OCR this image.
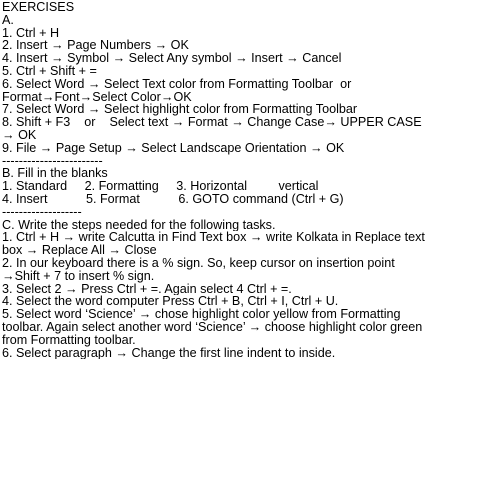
EXERCISES
A.
1. Ctrl + H
2. Insert → Page Numbers → OK
4. Insert → Symbol → Select Any symbol → Insert → Cancel
5. Ctrl + Shift + =
6. Select Word → Select Text color from Formatting Toolbar  or
Format→Font→Select Color→OK
7. Select Word → Select highlight color from Formatting Toolbar
8. Shift + F3    or    Select text → Format → Change Case→ UPPER CASE
→ OK
9. File → Page Setup → Select Landscape Orientation → OK
------------------------
B. Fill in the blanks
1. Standard     2. Formatting     3. Horizontal         vertical
4. Insert           5. Format           6. GOTO command (Ctrl + G)
-------------------
C. Write the steps needed for the following tasks.
1. Ctrl + H → write Calcutta in Find Text box → write Kolkata in Replace text
box → Replace All → Close
2. In our keyboard there is a % sign. So, keep cursor on insertion point
→Shift + 7 to insert % sign.
3. Select 2 → Press Ctrl + =. Again select 4 Ctrl + =.
4. Select the word computer Press Ctrl + B, Ctrl + I, Ctrl + U.
5. Select word ‘Science’ → chose highlight color yellow from Formatting
toolbar. Again select another word ‘Science’ → choose highlight color green
from Formatting toolbar.
6. Select paragraph → Change the first line indent to inside.
